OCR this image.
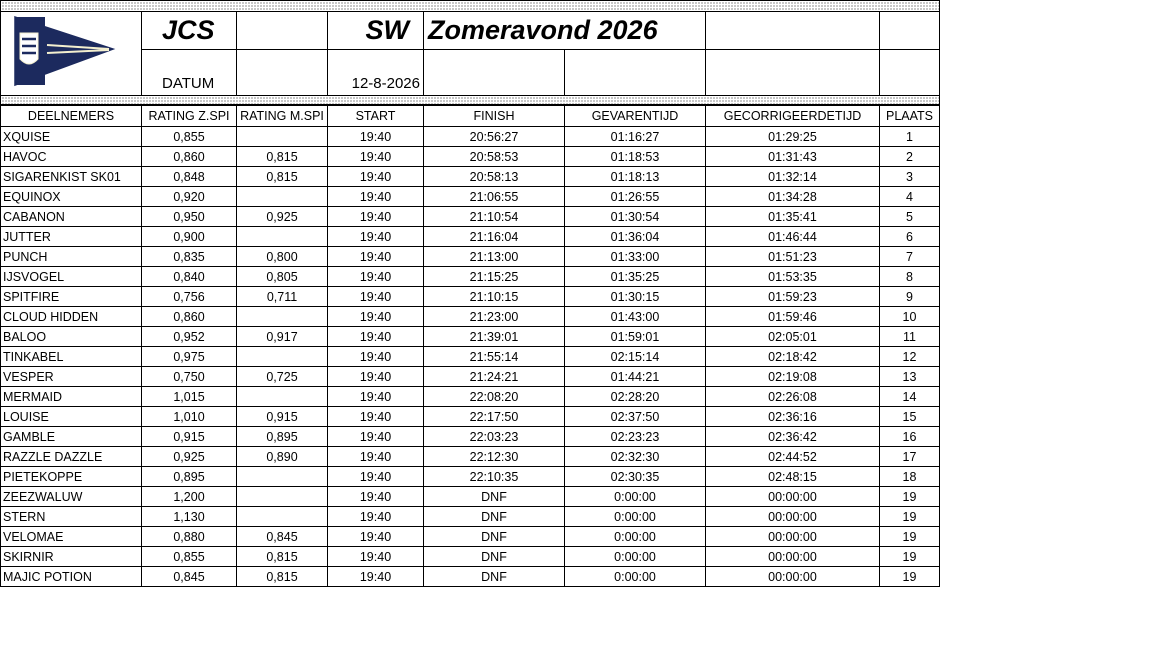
	JCS		SW	Zomeravond 2026			
	DATUM		12-8-2026				

DEELNEMERS	RATING Z.SPI	RATING M.SPI	START	FINISH	GEVARENTIJD	GECORRIGEERDETIJD	PLAATS
XQUISE	0,855		19:40	20:56:27	01:16:27	01:29:25	1
HAVOC	0,860	0,815	19:40	20:58:53	01:18:53	01:31:43	2
SIGARENKIST SK01	0,848	0,815	19:40	20:58:13	01:18:13	01:32:14	3
EQUINOX	0,920		19:40	21:06:55	01:26:55	01:34:28	4
CABANON	0,950	0,925	19:40	21:10:54	01:30:54	01:35:41	5
JUTTER	0,900		19:40	21:16:04	01:36:04	01:46:44	6
PUNCH	0,835	0,800	19:40	21:13:00	01:33:00	01:51:23	7
IJSVOGEL	0,840	0,805	19:40	21:15:25	01:35:25	01:53:35	8
SPITFIRE	0,756	0,711	19:40	21:10:15	01:30:15	01:59:23	9
CLOUD HIDDEN	0,860		19:40	21:23:00	01:43:00	01:59:46	10
BALOO	0,952	0,917	19:40	21:39:01	01:59:01	02:05:01	11
TINKABEL	0,975		19:40	21:55:14	02:15:14	02:18:42	12
VESPER	0,750	0,725	19:40	21:24:21	01:44:21	02:19:08	13
MERMAID	1,015		19:40	22:08:20	02:28:20	02:26:08	14
LOUISE	1,010	0,915	19:40	22:17:50	02:37:50	02:36:16	15
GAMBLE	0,915	0,895	19:40	22:03:23	02:23:23	02:36:42	16
RAZZLE DAZZLE	0,925	0,890	19:40	22:12:30	02:32:30	02:44:52	17
PIETEKOPPE	0,895		19:40	22:10:35	02:30:35	02:48:15	18
ZEEZWALUW	1,200		19:40	DNF	0:00:00	00:00:00	19
STERN	1,130		19:40	DNF	0:00:00	00:00:00	19
VELOMAE	0,880	0,845	19:40	DNF	0:00:00	00:00:00	19
SKIRNIR	0,855	0,815	19:40	DNF	0:00:00	00:00:00	19
MAJIC POTION	0,845	0,815	19:40	DNF	0:00:00	00:00:00	19
